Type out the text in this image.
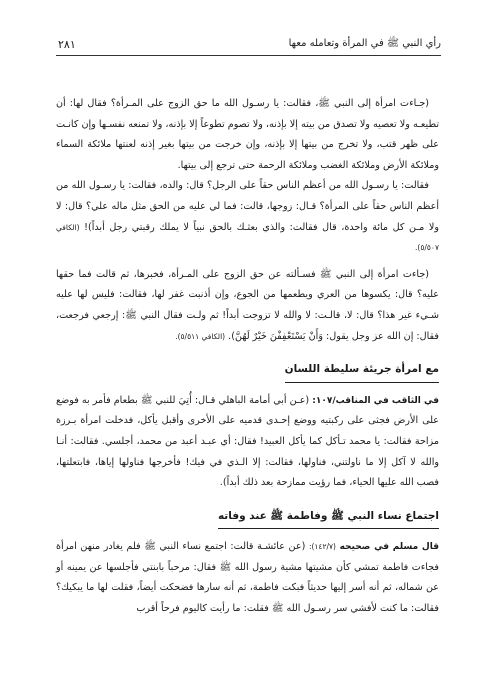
رأي النبي ﷺ في المرأة وتعامله معها
٢٨١

(جـاءت امرأة إلى النبي ﷺ، فقالت: يا رسـول الله ما حق الزوج على المـرأة؟ فقال لها: أن تطيعـه ولا تعصيه ولا تصدق من بيته إلا بإذنه، ولا تصوم تطوعاً إلا بإذنه، ولا تمنعه نفسـها وإن كانـت على ظهر قتب، ولا تخرج من بيتها إلا بإذنه، وإن خرجت من بيتها بغير إذنه لعنتها ملائكة السماء وملائكة الأرض وملائكة الغضب وملائكة الرحمة حتى ترجع إلى بيتها.

فقالت: يا رسـول الله من أعظم الناس حقاً على الرجل؟ قال: والده، فقالت: يا رسـول الله من أعظم الناس حقاً على المرأة؟ قـال: زوجها، قالت: فما لي عليه من الحق مثل ماله علي؟ قال: لا ولا مـن كل مائة واحدة، قال فقالت: والذي بعثـك بالحق نبياً لا يملك رقبتي رجل أبداً)! (الكافي ٥/٥٠٧).

(جاءت امرأة إلى النبي ﷺ فسـألته عن حق الزوج على المـرأة، فخبرها، ثم قالت فما حقها عليه؟ قال: يكسوها من العري ويطعمها من الجوع، وإن أذنبت غفر لها، فقالت: فليس لها عليه شـيء غير هذا؟ قال: لا، قالـت: لا والله لا تزوجت أبداً! ثم ولـت فقال النبي ﷺ: إرجعي فرجعت، فقال: إن الله عز وجل يقول: وَأَنْ يَسْتَعْفِفْنَ خَيْرٌ لَهُنَّ). (الكافي ٥/٥١١).

مع امرأة جريئة سليطة اللسان

في الثاقب في المناقب/١٠٧: (عـن أبي أمامة الباهلي قـال: أُتِيَ للنبي ﷺ بطعام فأمر به فوضع على الأرض فجثى على ركبتيه ووضع إحـدى قدميه على الأخرى وأقبل يأكل، فدخلت امرأة بـرزة مزاحة فقالت: يا محمد تـأكل كما يأكل العبيد! فقال: أي عبـد أعبد من محمد، أجلسي. فقالت: أنـا والله لا آكل إلا ما ناولتني، فناولها، فقالت: إلا الـذي في فيك! فأخرجها فناولها إياها، فابتعلتها، فصب الله عليها الحياء، فما رؤيت ممازحة بعد ذلك أبداً).

اجتماع نساء النبي ﷺ وفاطمة ﷺ عند وفاته

قال مسلم في صحيحه (١٤٢/٧): (عن عائشـة قالت: اجتمع نساء النبي ﷺ فلم يغادر منهن امرأة فجاءت فاطمة تمشي كأن مشيتها مشية رسول الله ﷺ فقال: مرحباً بابنتي فأجلسها عن يمينه أو عن شماله، ثم أنه أسر إليها حديثاً فبكت فاطمة، ثم أنه سارها فضحكت أيضاً، فقلت لها ما يبكيك؟ فقالت: ما كنت لأفشي سر رسـول الله ﷺ فقلت: ما رأيت كاليوم فرحاً أقرب
